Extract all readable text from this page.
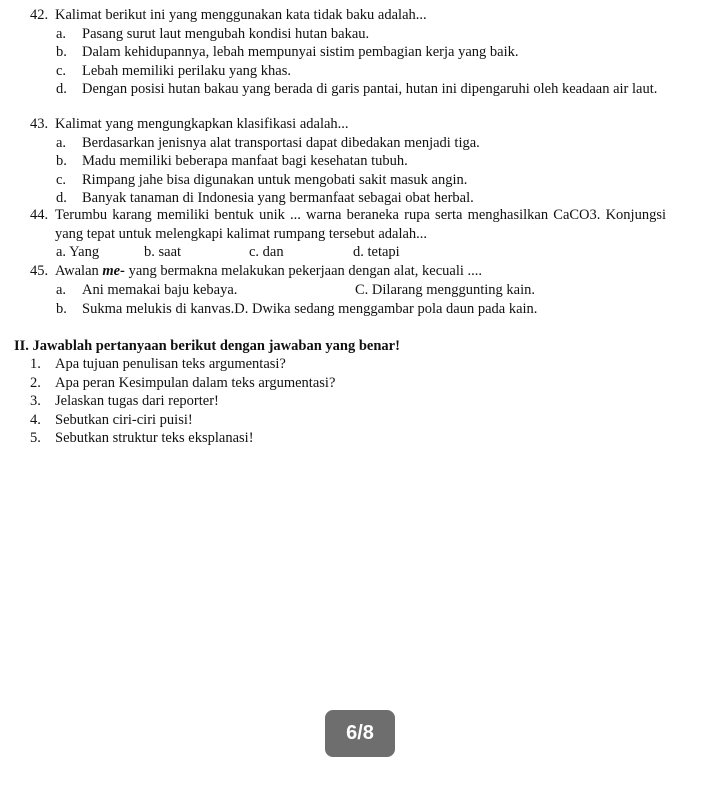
42. Kalimat berikut ini yang menggunakan kata tidak baku adalah...
a.	Pasang surut laut mengubah kondisi hutan bakau.
b.	Dalam kehidupannya, lebah mempunyai sistim pembagian kerja yang baik.
c.	Lebah memiliki perilaku yang khas.
d.	Dengan posisi hutan bakau yang berada di garis pantai, hutan ini dipengaruhi oleh keadaan air laut.
43. Kalimat yang mengungkapkan klasifikasi adalah...
a.	Berdasarkan jenisnya alat transportasi dapat dibedakan menjadi tiga.
b.	Madu memiliki beberapa manfaat bagi kesehatan tubuh.
c.	Rimpang jahe bisa digunakan untuk mengobati sakit masuk angin.
d.	Banyak tanaman di Indonesia yang bermanfaat sebagai obat herbal.
44. Terumbu karang memiliki bentuk unik ... warna beraneka rupa serta menghasilkan CaCO3. Konjungsi yang tepat untuk melengkapi kalimat rumpang tersebut adalah...
a. Yang	b. saat	c. dan	d. tetapi
45. Awalan me- yang bermakna melakukan pekerjaan dengan alat, kecuali ....
a. Ani memakai baju kebaya.	C. Dilarang menggunting kain.
b. Sukma melukis di kanvas.D. Dwika sedang menggambar pola daun pada kain.
II. Jawablah pertanyaan berikut dengan jawaban yang benar!
1. Apa tujuan penulisan teks argumentasi?
2. Apa peran Kesimpulan dalam teks argumentasi?
3. Jelaskan tugas dari reporter!
4. Sebutkan ciri-ciri puisi!
5. Sebutkan struktur teks eksplanasi!
6/8
